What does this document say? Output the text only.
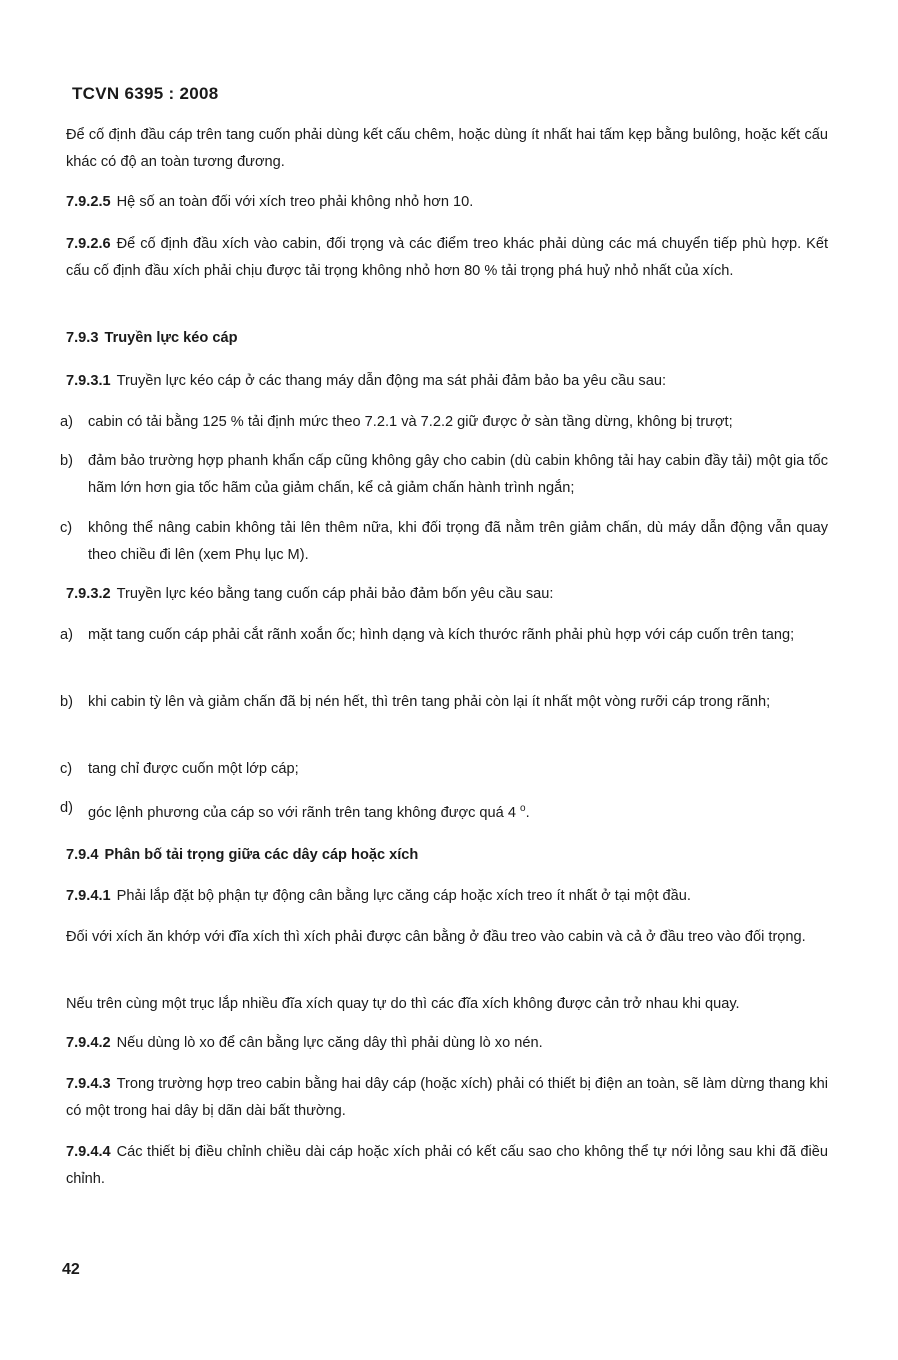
TCVN 6395 : 2008
Để cố định đầu cáp trên tang cuốn phải dùng kết cấu chêm, hoặc dùng ít nhất hai tấm kẹp bằng bulông, hoặc kết cấu khác có độ an toàn tương đương.
7.9.2.5 Hệ số an toàn đối với xích treo phải không nhỏ hơn 10.
7.9.2.6 Để cố định đầu xích vào cabin, đối trọng và các điểm treo khác phải dùng các má chuyển tiếp phù hợp. Kết cấu cố định đầu xích phải chịu được tải trọng không nhỏ hơn 80 % tải trọng phá huỷ nhỏ nhất của xích.
7.9.3 Truyền lực kéo cáp
7.9.3.1 Truyền lực kéo cáp ở các thang máy dẫn động ma sát phải đảm bảo ba yêu cầu sau:
a)	cabin có tải bằng 125 % tải định mức theo 7.2.1 và 7.2.2 giữ được ở sàn tầng dừng, không bị trượt;
b)	đảm bảo trường hợp phanh khẩn cấp cũng không gây cho cabin (dù cabin không tải hay cabin đầy tải) một gia tốc hãm lớn hơn gia tốc hãm của giảm chấn, kể cả giảm chấn hành trình ngắn;
c)	không thể nâng cabin không tải lên thêm nữa, khi đối trọng đã nằm trên giảm chấn, dù máy dẫn động vẫn quay theo chiều đi lên (xem Phụ lục M).
7.9.3.2 Truyền lực kéo bằng tang cuốn cáp phải bảo đảm bốn yêu cầu sau:
a)	mặt tang cuốn cáp phải cắt rãnh xoắn ốc; hình dạng và kích thước rãnh phải phù hợp với cáp cuốn trên tang;
b)	khi cabin tỳ lên và giảm chấn đã bị nén hết, thì trên tang phải còn lại ít nhất một vòng rưỡi cáp trong rãnh;
c)	tang chỉ được cuốn một lớp cáp;
d)	góc lệnh phương của cáp so với rãnh trên tang không được quá 4 $^o$.
7.9.4 Phân bố tải trọng giữa các dây cáp hoặc xích
7.9.4.1 Phải lắp đặt bộ phận tự động cân bằng lực căng cáp hoặc xích treo ít nhất ở tại một đầu.
Đối với xích ăn khớp với đĩa xích thì xích phải được cân bằng ở đầu treo vào cabin và cả ở đầu treo vào đối trọng.
Nếu trên cùng một trục lắp nhiều đĩa xích quay tự do thì các đĩa xích không được cản trở nhau khi quay.
7.9.4.2 Nếu dùng lò xo để cân bằng lực căng dây thì phải dùng lò xo nén.
7.9.4.3 Trong trường hợp treo cabin bằng hai dây cáp (hoặc xích) phải có thiết bị điện an toàn, sẽ làm dừng thang khi có một trong hai dây bị dãn dài bất thường.
7.9.4.4 Các thiết bị điều chỉnh chiều dài cáp hoặc xích phải có kết cấu sao cho không thể tự nới lỏng sau khi đã điều chỉnh.
42
